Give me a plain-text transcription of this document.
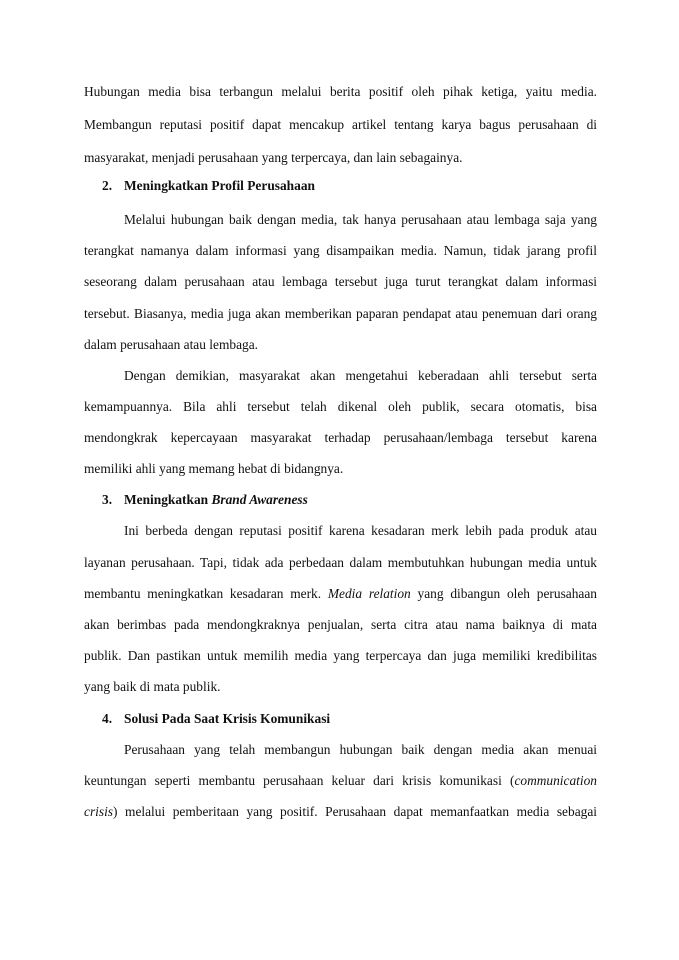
Hubungan media bisa terbangun melalui berita positif oleh pihak ketiga, yaitu media.
Membangun reputasi positif dapat mencakup artikel tentang karya bagus perusahaan di
masyarakat, menjadi perusahaan yang terpercaya, dan lain sebagainya.
2. Meningkatkan Profil Perusahaan
Melalui hubungan baik dengan media, tak hanya perusahaan atau lembaga saja yang
terangkat namanya dalam informasi yang disampaikan media. Namun, tidak jarang profil
seseorang dalam perusahaan atau lembaga tersebut juga turut terangkat dalam informasi
tersebut. Biasanya, media juga akan memberikan paparan pendapat atau penemuan dari orang
dalam perusahaan atau lembaga.
Dengan demikian, masyarakat akan mengetahui keberadaan ahli tersebut serta
kemampuannya. Bila ahli tersebut telah dikenal oleh publik, secara otomatis, bisa
mendongkrak kepercayaan masyarakat terhadap perusahaan/lembaga tersebut karena
memiliki ahli yang memang hebat di bidangnya.
3. Meningkatkan Brand Awareness
Ini berbeda dengan reputasi positif karena kesadaran merk lebih pada produk atau
layanan perusahaan. Tapi, tidak ada perbedaan dalam membutuhkan hubungan media untuk
membantu meningkatkan kesadaran merk. Media relation yang dibangun oleh perusahaan
akan berimbas pada mendongkraknya penjualan, serta citra atau nama baiknya di mata
publik. Dan pastikan untuk memilih media yang terpercaya dan juga memiliki kredibilitas
yang baik di mata publik.
4. Solusi Pada Saat Krisis Komunikasi
Perusahaan yang telah membangun hubungan baik dengan media akan menuai
keuntungan seperti membantu perusahaan keluar dari krisis komunikasi (communication
crisis) melalui pemberitaan yang positif. Perusahaan dapat memanfaatkan media sebagai
